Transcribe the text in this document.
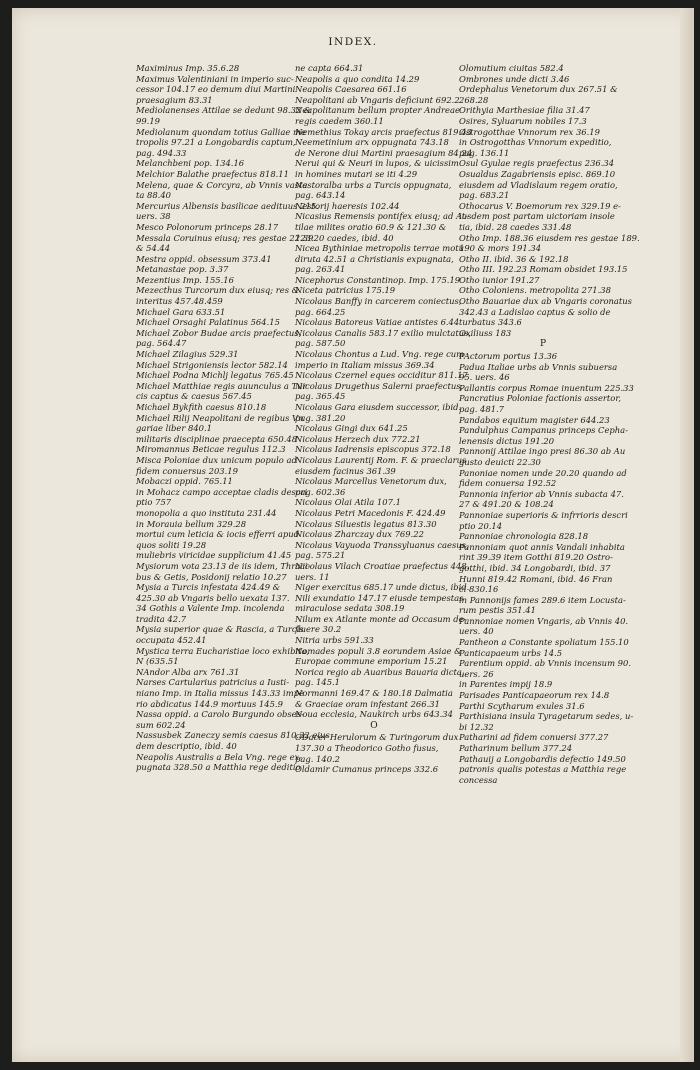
INDEX.
Maximinus Imp. 35.6.28
Maximus Valentiniani in imperio suc-
cessor 104.17 eo demum diui Martini
praesagium 83.31
Mediolanenses Attilae se dedunt 98.32 &
99.19
Mediolanum quondam totius Galliae me
tropolis 97.21 a Longobardis captum,
pag. 494.33
Melanchbeni pop. 134.16
Melchior Balathe praefectus 818.11
Melena, quae & Corcyra, ab Vnnis vasta
ta 88.40
Mercurius Albensis basilicae aedituus 215.
uers. 38
Mesco Polonorum princeps 28.17
Messala Coruinus eiusq; res gestae 22.39
& 54.44
Mestra oppid. obsessum 373.41
Metanastae pop. 3.37
Mezentius Imp. 155.16
Mezecthus Turcorum dux eiusq; res &
interitus 457.48.459
Michael Gara 633.51
Michael Orsaghi Palatinus 564.15
Michael Zobor Budae arcis praefectus,
pag. 564.47
Michael Zilagius 529.31
Michael Strigoniensis lector 582.14
Michael Podna Michlj legatus 765.45
Michael Matthiae regis auunculus a Tur
cis captus & caesus 567.45
Michael Bykfith caesus 810.18
Michael Rilij Neapolitani de regibus Vn
gariae liber 840.1
militaris disciplinae praecepta 650.48
Miromannus Beticae regulus 112.3
Misca Poloniae dux unicum populo ad
fidem conuersus 203.19
Mobaczi oppid. 765.11
in Mohacz campo acceptae cladis descri
ptio 757
monopolia a quo instituta 231.44
in Morauia bellum 329.28
mortui cum leticia & iocis efferri apud
quos soliti 19.28
muliebris viricidae supplicium 41.45
Mysiorum vota 23.13 de iis idem, Thraci-
bus & Getis, Posidonij relatio 10.27
Mysia a Turcis infestata 424.49 &
425.30 ab Vngaris bello uexata 137.
34 Gothis a Valente Imp. incolenda
tradita 42.7
Mysia superior quae & Rascia, a Turcis
occupata 452.41
Mystica terra Eucharistiae loco exhibita,
N (635.51
NAndor Alba arx 761.31
Narses Cartularius patricius a Iusti-
niano Imp. in Italia missus 143.33 impe
rio abdicatus 144.9 mortuus 145.9
Nassa oppid. a Carolo Burgundo obses-
sum 602.24
Nassusbek Zaneczy semis caesus 810.32 eius
dem descriptio, ibid. 40
Neapolis Australis a Bela Vng. rege ex-
pugnata 328.50 a Matthia rege deditio
ne capta 664.31
Neapolis a quo condita 14.29
Neapolis Caesarea 661.16
Neapolitani ab Vngaris deficiunt 692.2
Neapolitanum bellum propter Andreae
regis caedem 360.11
Nemethius Tokay arcis praefectus 819.43
Neemetinium arx oppugnata 743.18
de Nerone diui Martini praesagium 84.24
Nerui qui & Neuri in lupos, & uicissim
in homines mutari se iti 4.29
Nestoralba urbs a Turcis oppugnata,
pag. 643.14
Nestorij haeresis 102.44
Nicasius Remensis pontifex eiusq; ad At-
tilae milites oratio 60.9 & 121.30 &
123.20 caedes, ibid. 40
Nicea Bythiniae metropolis terrae motu
diruta 42.51 a Christianis expugnata,
pag. 263.41
Nicephorus Constantinop. Imp. 175.19
Niceta patricius 175.19
Nicolaus Banffy in carcerem coniectus,
pag. 664.25
Nicolaus Batoreus Vatiae antistes 6.44
Nicolaus Canalis 583.17 exilio mulctatus,
pag. 587.50
Nicolaus Chontus a Lud. Vng. rege cum
imperio in Italiam missus 369.34
Nicolaus Czernel eques occiditur 811.17
Nicolaus Drugethus Salerni praefectus,
pag. 365.45
Nicolaus Gara eiusdem successor, ibid.
pag. 381.20
Nicolaus Gingi dux 641.25
Nicolaus Herzech dux 772.21
Nicolaus Iadrensis episcopus 372.18
Nicolaus Laurentij Rom. F. & praeclarus
eiusdem facinus 361.39
Nicolaus Marcellus Venetorum dux,
pag. 602.36
Nicolaus Olai Atila 107.1
Nicolaus Petri Macedonis F. 424.49
Nicolaus Siluestis legatus 813.30
Nicolaus Zharczay dux 769.22
Nicolaus Vayuoda Transsyluanus caesus,
pag. 575.21
Nicolaus Vilach Croatiae praefectus 448.
uers. 11
Niger exercitus 685.17 unde dictus, ibid.
Nili exundatio 147.17 eiusde tempestas
miraculose sedata 308.19
Nilum ex Atlante monte ad Occasum de-
fluere 30.2
Nitria urbs 591.33
Nomades populi 3.8 eorundem Asiae &
Europae commune emporium 15.21
Norica regio ab Auaribus Bauaria dicta,
pag. 145.1
Normanni 169.47 & 180.18 Dalmatia
& Graeciae oram infestant 266.31
Noua ecclesia, Naukirch urbs 643.34
O
ODacer Herulorum & Turingorum dux
137.30 a Theodorico Gotho fusus,
pag. 140.2
Oldamir Cumanus princeps 332.6
Olomutium ciuitas 582.4
Ombrones unde dicti 3.46
Ordephalus Venetorum dux 267.51 &
268.28
Orithyia Marthesiae filia 31.47
Osires, Syluarum nobiles 17.3
Ostrogotthae Vnnorum rex 36.19
in Ostrogotthas Vnnorum expeditio,
pag. 136.11
Osul Gyulae regis praefectus 236.34
Osualdus Zagabriensis episc. 869.10
eiusdem ad Vladislaum regem oratio,
pag. 683.21
Othocarus V. Boemorum rex 329.19 e-
iusdem post partam uictoriam insole
tia, ibid. 28 caedes 331.48
Otho Imp. 188.36 eiusdem res gestae 189.
190 & mors 191.34
Otho II. ibid. 36 & 192.18
Otho III. 192.23 Romam obsidet 193.15
Otho iunior 191.27
Otho Coloniens. metropolita 271.38
Otho Bauariae dux ab Vngaris coronatus
342.43 a Ladislao captus & solio de
turbatus 343.6
Oxiliuss 183
P
PActorum portus 13.36
Padua Italiae urbs ab Vnnis subuersa
95. uers. 46
Pallantis corpus Romae inuentum 225.33
Pancratius Poloniae factionis assertor,
pag. 481.7
Pandabos equitum magister 644.23
Pandulphus Campanus princeps Cepha-
lenensis dictus 191.20
Pannonij Attilae ingo presi 86.30 ab Au
gusto deuicti 22.30
Panoniae nomen unde 20.20 quando ad
fidem conuersa 192.52
Pannonia inferior ab Vnnis subacta 47.
27 & 491.20 & 108.24
Pannoniae superioris & infrrioris descri
ptio 20.14
Pannoniae chronologia 828.18
Pannoniam quot annis Vandali inhabita
rint 39.39 item Gotthi 819.20 Ostro-
gotthi, ibid. 34 Longobardi, ibid. 37
Hunni 819.42 Romani, ibid. 46 Fran
ci 830.16
in Pannonijs fames 289.6 item Locusta-
rum pestis 351.41
Pannoniae nomen Vngaris, ab Vnnis 40.
uers. 40
Pantheon a Constante spoliatum 155.10
Panticapaeum urbs 14.5
Parentium oppid. ab Vnnis incensum 90.
uers. 26
in Parentes impij 18.9
Parisades Panticapaeorum rex 14.8
Parthi Scytharum exules 31.6
Parthisiana insula Tyragetarum sedes, u-
bi 12.32
Patharini ad fidem conuersi 377.27
Patharinum bellum 377.24
Pathauij a Longobardis defectio 149.50
patronis qualis potestas a Matthia rege
concessa
